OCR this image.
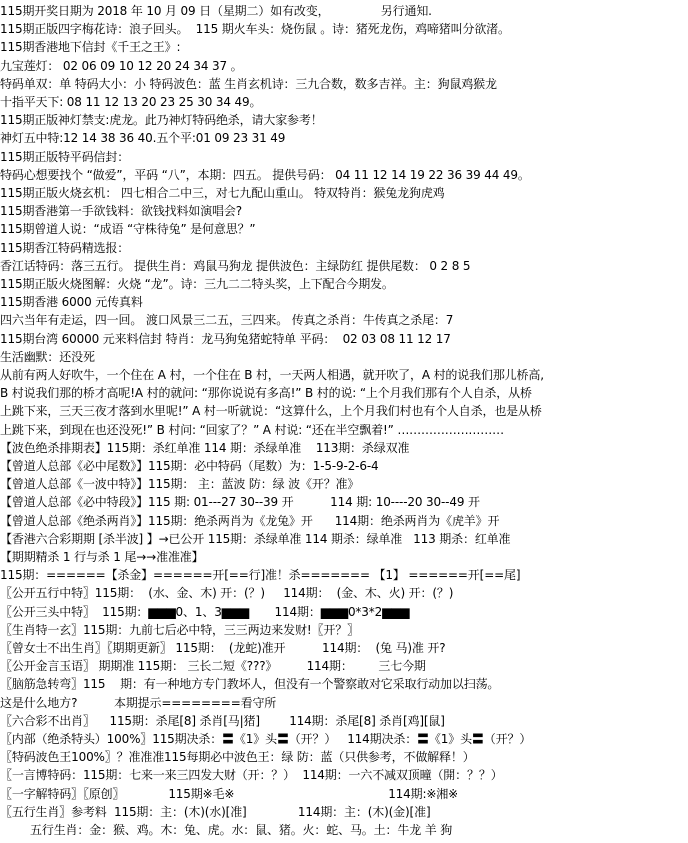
115期开奖日期为 2018 年 10 月 09 日（星期二）如有改变，              另行通知.
115期正版四字梅花诗：浪子回头。  115 期火车头：烧伤鼠 。诗：猪死龙伤，鸡啼猪叫分欲渚。
115期香港地下信封《千王之王》:
九宝莲灯： 02 06 09 10 12 20 24 34 37 。
特码单双：单 特码大小：小 特码波色：蓝 生肖玄机诗：三九合数，数多吉祥。主：狗鼠鸡猴龙
十指平天下: 08 11 12 13 20 23 25 30 34 49。
115期正版神灯禁支:虎龙。此乃神灯特码绝杀，请大家参考！
神灯五中特:12 14 38 36 40.五个平:01 09 23 31 49
115期正版特平码信封：
特码心想要找个 “做爱”，平码 “八”，本期：四五。 提供号码： 04 11 12 14 19 22 36 39 44 49。
115期正版火烧玄机： 四七相合二中三，对七九配山重山。 特双特肖：猴兔龙狗虎鸡
115期香港第一手欲钱料：欲钱找料如演唱会?
115期曾道人说：“成语 “守株待兔” 是何意思？”
115期香江特码精选报：
香江话特码：落三五行。 提供生肖：鸡鼠马狗龙 提供波色：主绿防红 提供尾数： 0 2 8 5
115期正版火烧图解：火烧 “龙”。诗：三九二二特头奖，上下配合今期发。
115期香港 6000 元传真料
四六当年有走运，四一回。 渡口风景三二五，三四来。 传真之杀肖：牛传真之杀尾：7
115期台湾 60000 元来料信封 特肖：龙马狗兔猪蛇特单 平码：  02 03 08 11 12 17
生活幽默：还没死
从前有两人好吹牛，一个住在 A 村，一个住在 B 村，一天两人相遇，就开吹了，A 村的说我们那儿桥高,
B 村说我们那的桥才高呢!A 村的就问: “那你说说有多高!” B 村的说: “上个月我们那有个人自杀，从桥
上跳下来，三天三夜才落到水里呢!” A 村一听就说：“这算什么，上个月我们村也有个人自杀，也是从桥
上跳下来，到现在也还没死!” B 村问: “回家了？” A 村说: “还在半空飘着!” ………………………
【波色绝杀排期表】115期：杀红单准 114 期：杀绿单准    113期：杀绿双准
【曾道人总部《必中尾数》】115期：必中特码（尾数）为：1-5-9-2-6-4
【曾道人总部《一波中特》】115期： 主：蓝波 防：绿 波《开？准》
【曾道人总部《必中特段》】115 期: 01---27 30--39 开          114 期: 10----20 30--49 开
【曾道人总部《绝杀两肖》】115期：绝杀两肖为《龙兔》开      114期：绝杀两肖为《虎羊》开
【香港六合彩期期 [杀半波] 】→已公开 115期：杀绿单准 114 期杀：绿单准   113 期杀：红单准
【期期精杀 1 行与杀 1 尾→→准准准】
115期：======【杀金】======开[==行]准！杀======= 【1】 ======开[==尾]
〖公开五行中特〗115期：  (水、金、木) 开：(？)     114期：  (金、木、火) 开：(？)
〖公开三头中特〗  115期：▆▆▆0、1、3▆▆▆       114期：▆▆▆0*3*2▆▆▆
〖生肖特一玄〗115期：九前七后必中特，三三两边来发财!〖开？〗
〖曾女士不出生肖〗〖期期更新〗 115期：  (龙蛇)准开          114期：  (兔 马)准 开?
〖公开金言玉语〗 期期准 115期： 三长二短《???》        114期：       三七今期
〖脑筋急转弯〗115    期：有一种地方专门教坏人，但没有一个警察敢对它采取行动加以扫荡。
这是什么地方?          本期提示========看守所
〖六合彩不出肖〗    115期：杀尾[8] 杀肖[马|猪]        114期：杀尾[8] 杀肖[鸡][鼠]
〖内部（绝杀特头）100%〗115期决杀：〓《1》头〓（开？）   114期决杀：〓《1》头〓（开？）
〖特码波色王100%〗？准准准115每期必中波色王：绿 防：蓝（只供参考，不做解释！）
〖一言博特码：115期：七来一来三四发大财（开：？）  114期：一六不减双顶曈（開：？？）
〖一字解特码〗〖原创〗            115期※毛※                                          114期:※湘※
〖五行生肖〗参考料  115期：主：(木)(水)[准]              114期：主：(木)(金)[准]
五行生肖：金：猴、鸡。木：兔、虎。水：鼠、猪。火：蛇、马。土：牛龙 羊 狗
